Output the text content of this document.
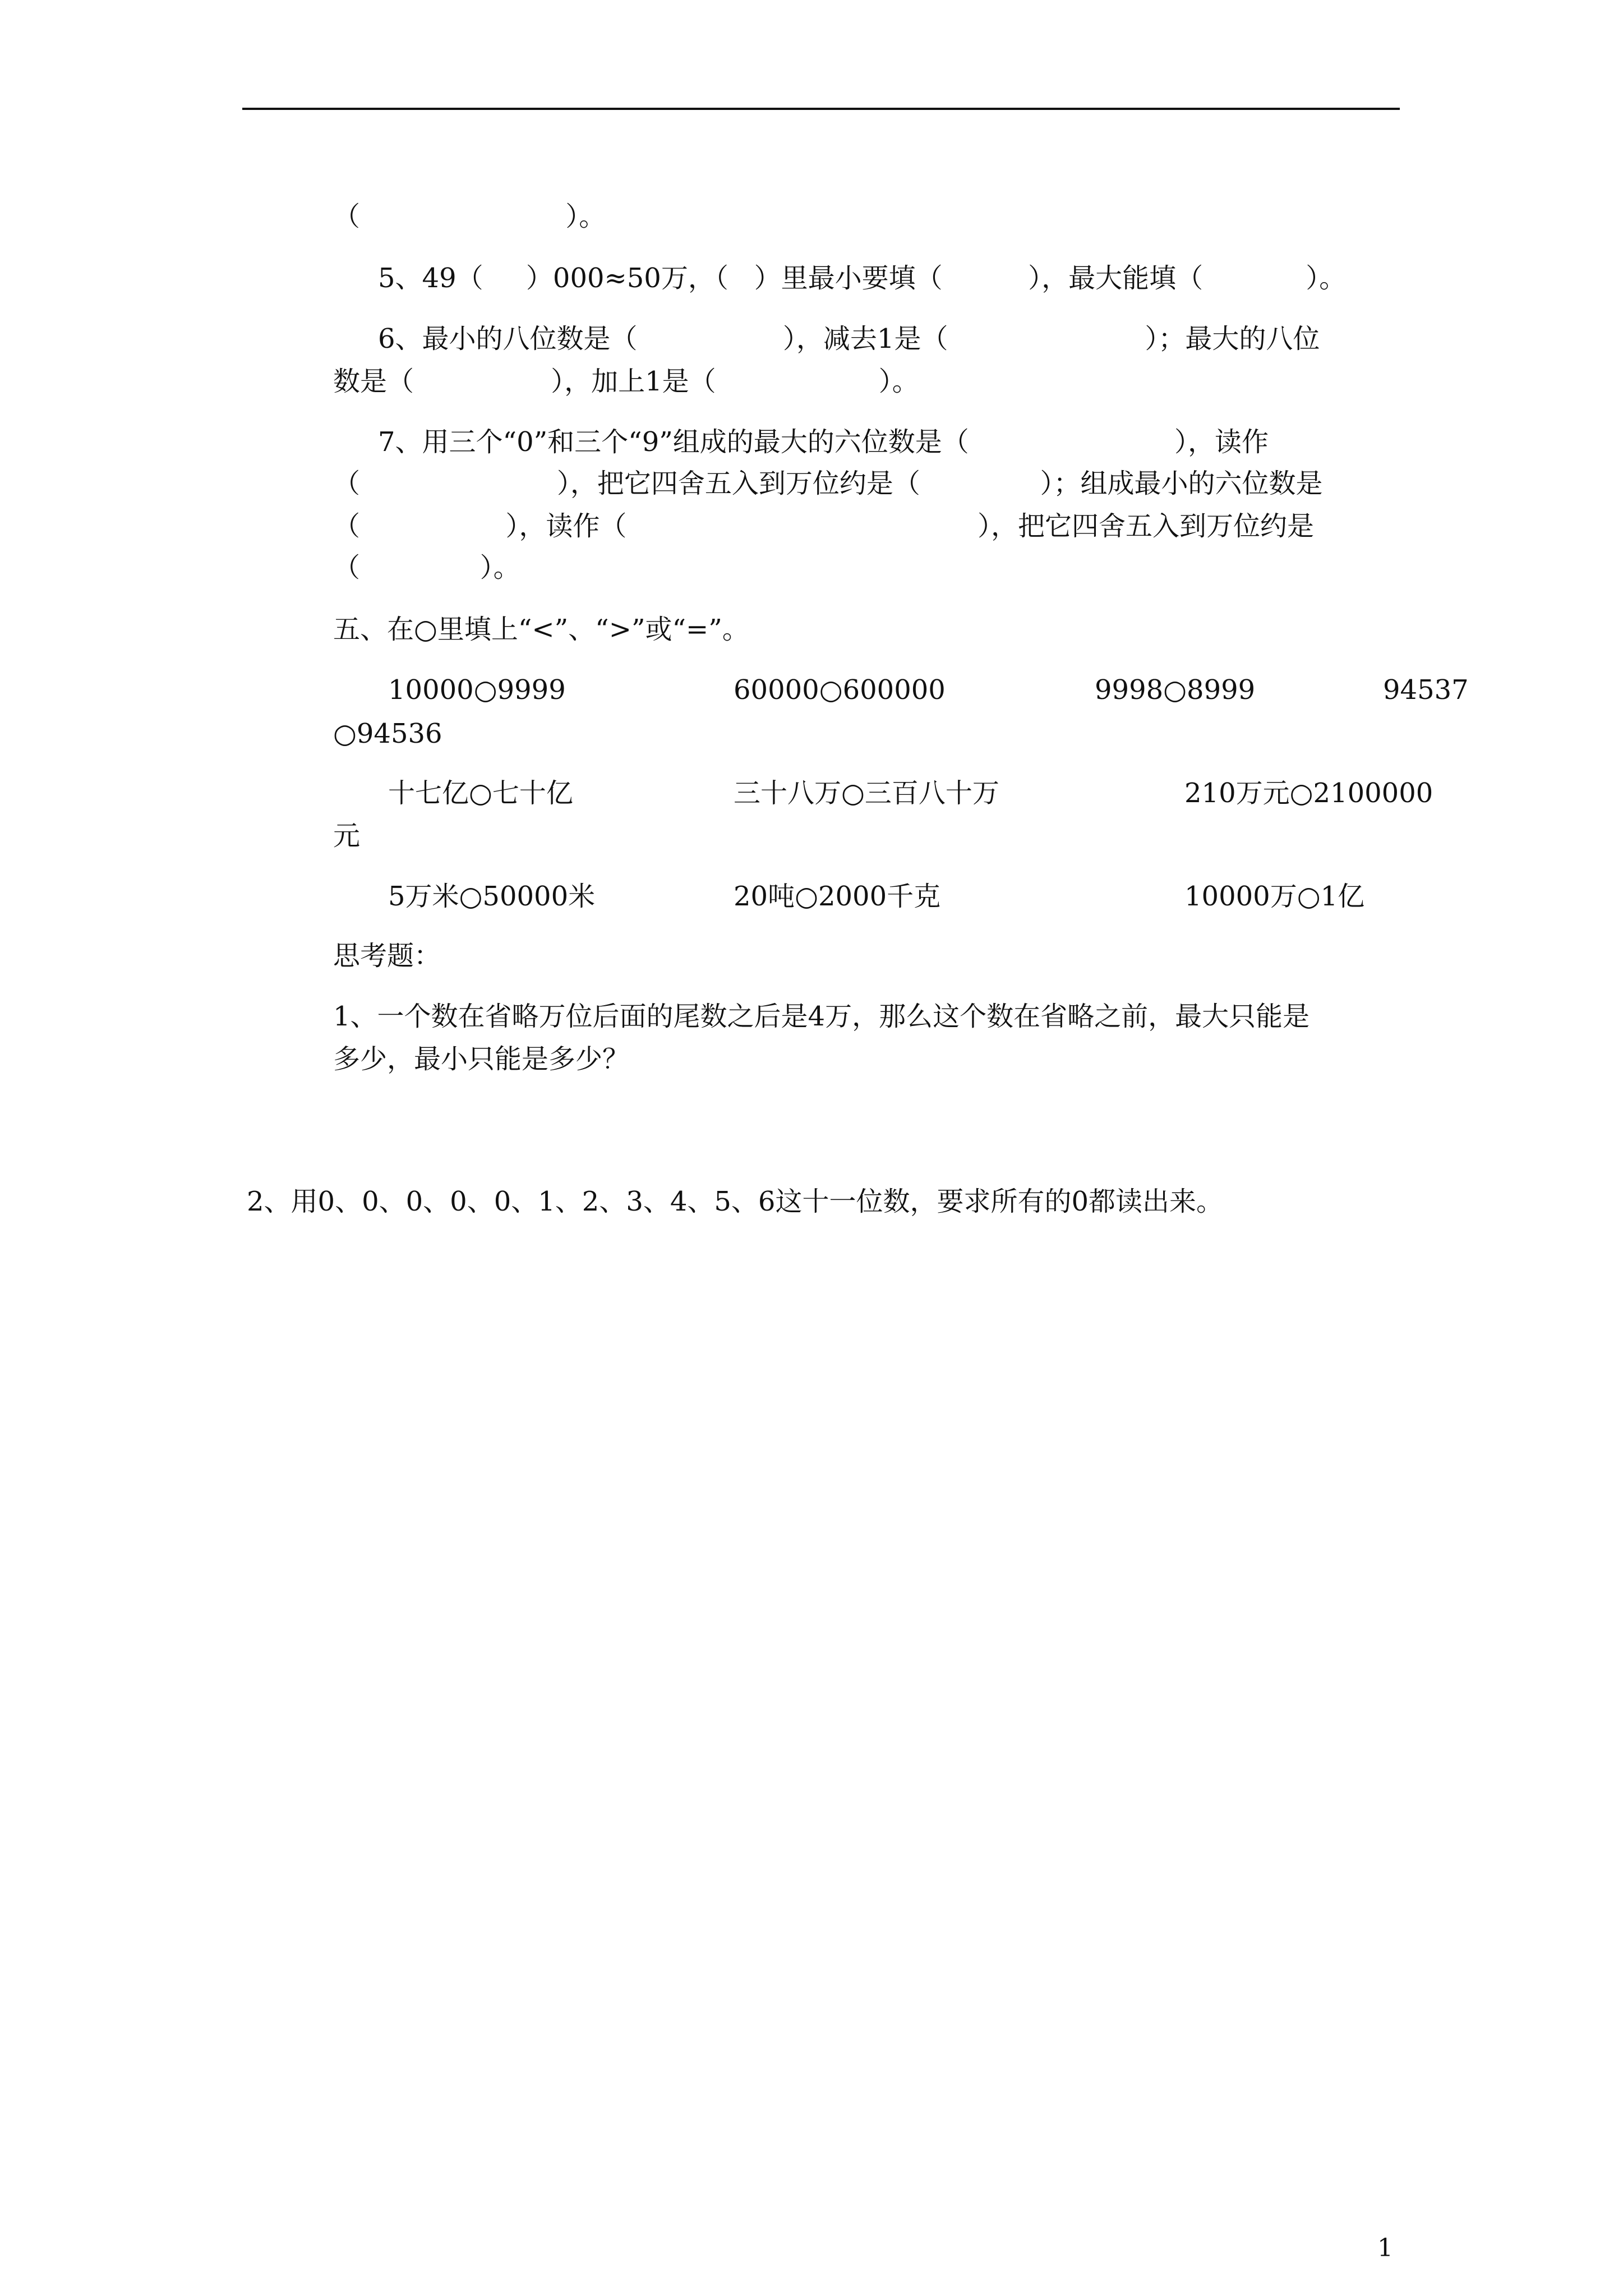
（                        ）。
5、49（     ）000≈50万，（   ）里最小要填（          ），最大能填（            ）。
6、最小的八位数是（                 ），减去1是（                       ）；最大的八位
数是（                ），加上1是（                   ）。
7、用三个“0”和三个“9”组成的最大的六位数是（                        ），读作
（                       ），把它四舍五入到万位约是（              ）；组成最小的六位数是
（                 ），读作（                                         ），把它四舍五入到万位约是
（              ）。
五、在○里填上“<”、“>”或“=”。
10000○9999	60000○600000	9998○8999	94537
○94536
十七亿○七十亿	三十八万○三百八十万	210万元○2100000
元
5万米○50000米	20吨○2000千克	10000万○1亿
思考题：
1、一个数在省略万位后面的尾数之后是4万，那么这个数在省略之前，最大只能是
多少，最小只能是多少？
2、用0、0、0、0、0、1、2、3、4、5、6这十一位数，要求所有的0都读出来。
1
